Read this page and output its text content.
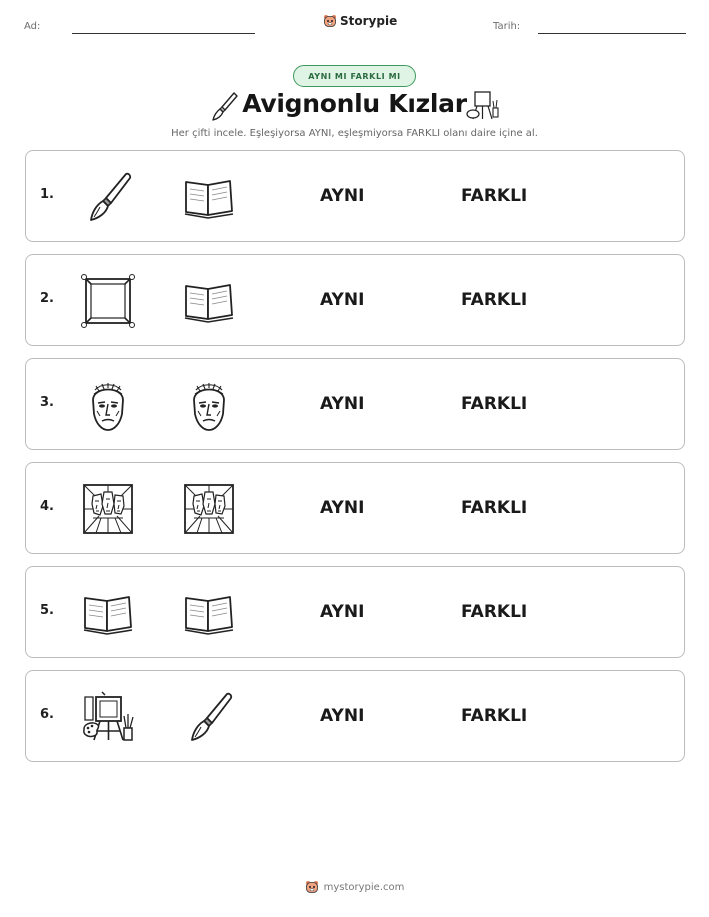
Ad:	Storypie	Tarih:
AYNI MI FARKLI MI
Avignonlu Kızlar
Her çifti incele. Eşleşiyorsa AYNI, eşleşmiyorsa FARKLI olanı daire içine al.
1.	AYNI	FARKLI
2.	AYNI	FARKLI
3.	AYNI	FARKLI
4.	AYNI	FARKLI
5.	AYNI	FARKLI
6.	AYNI	FARKLI
mystorypie.com
